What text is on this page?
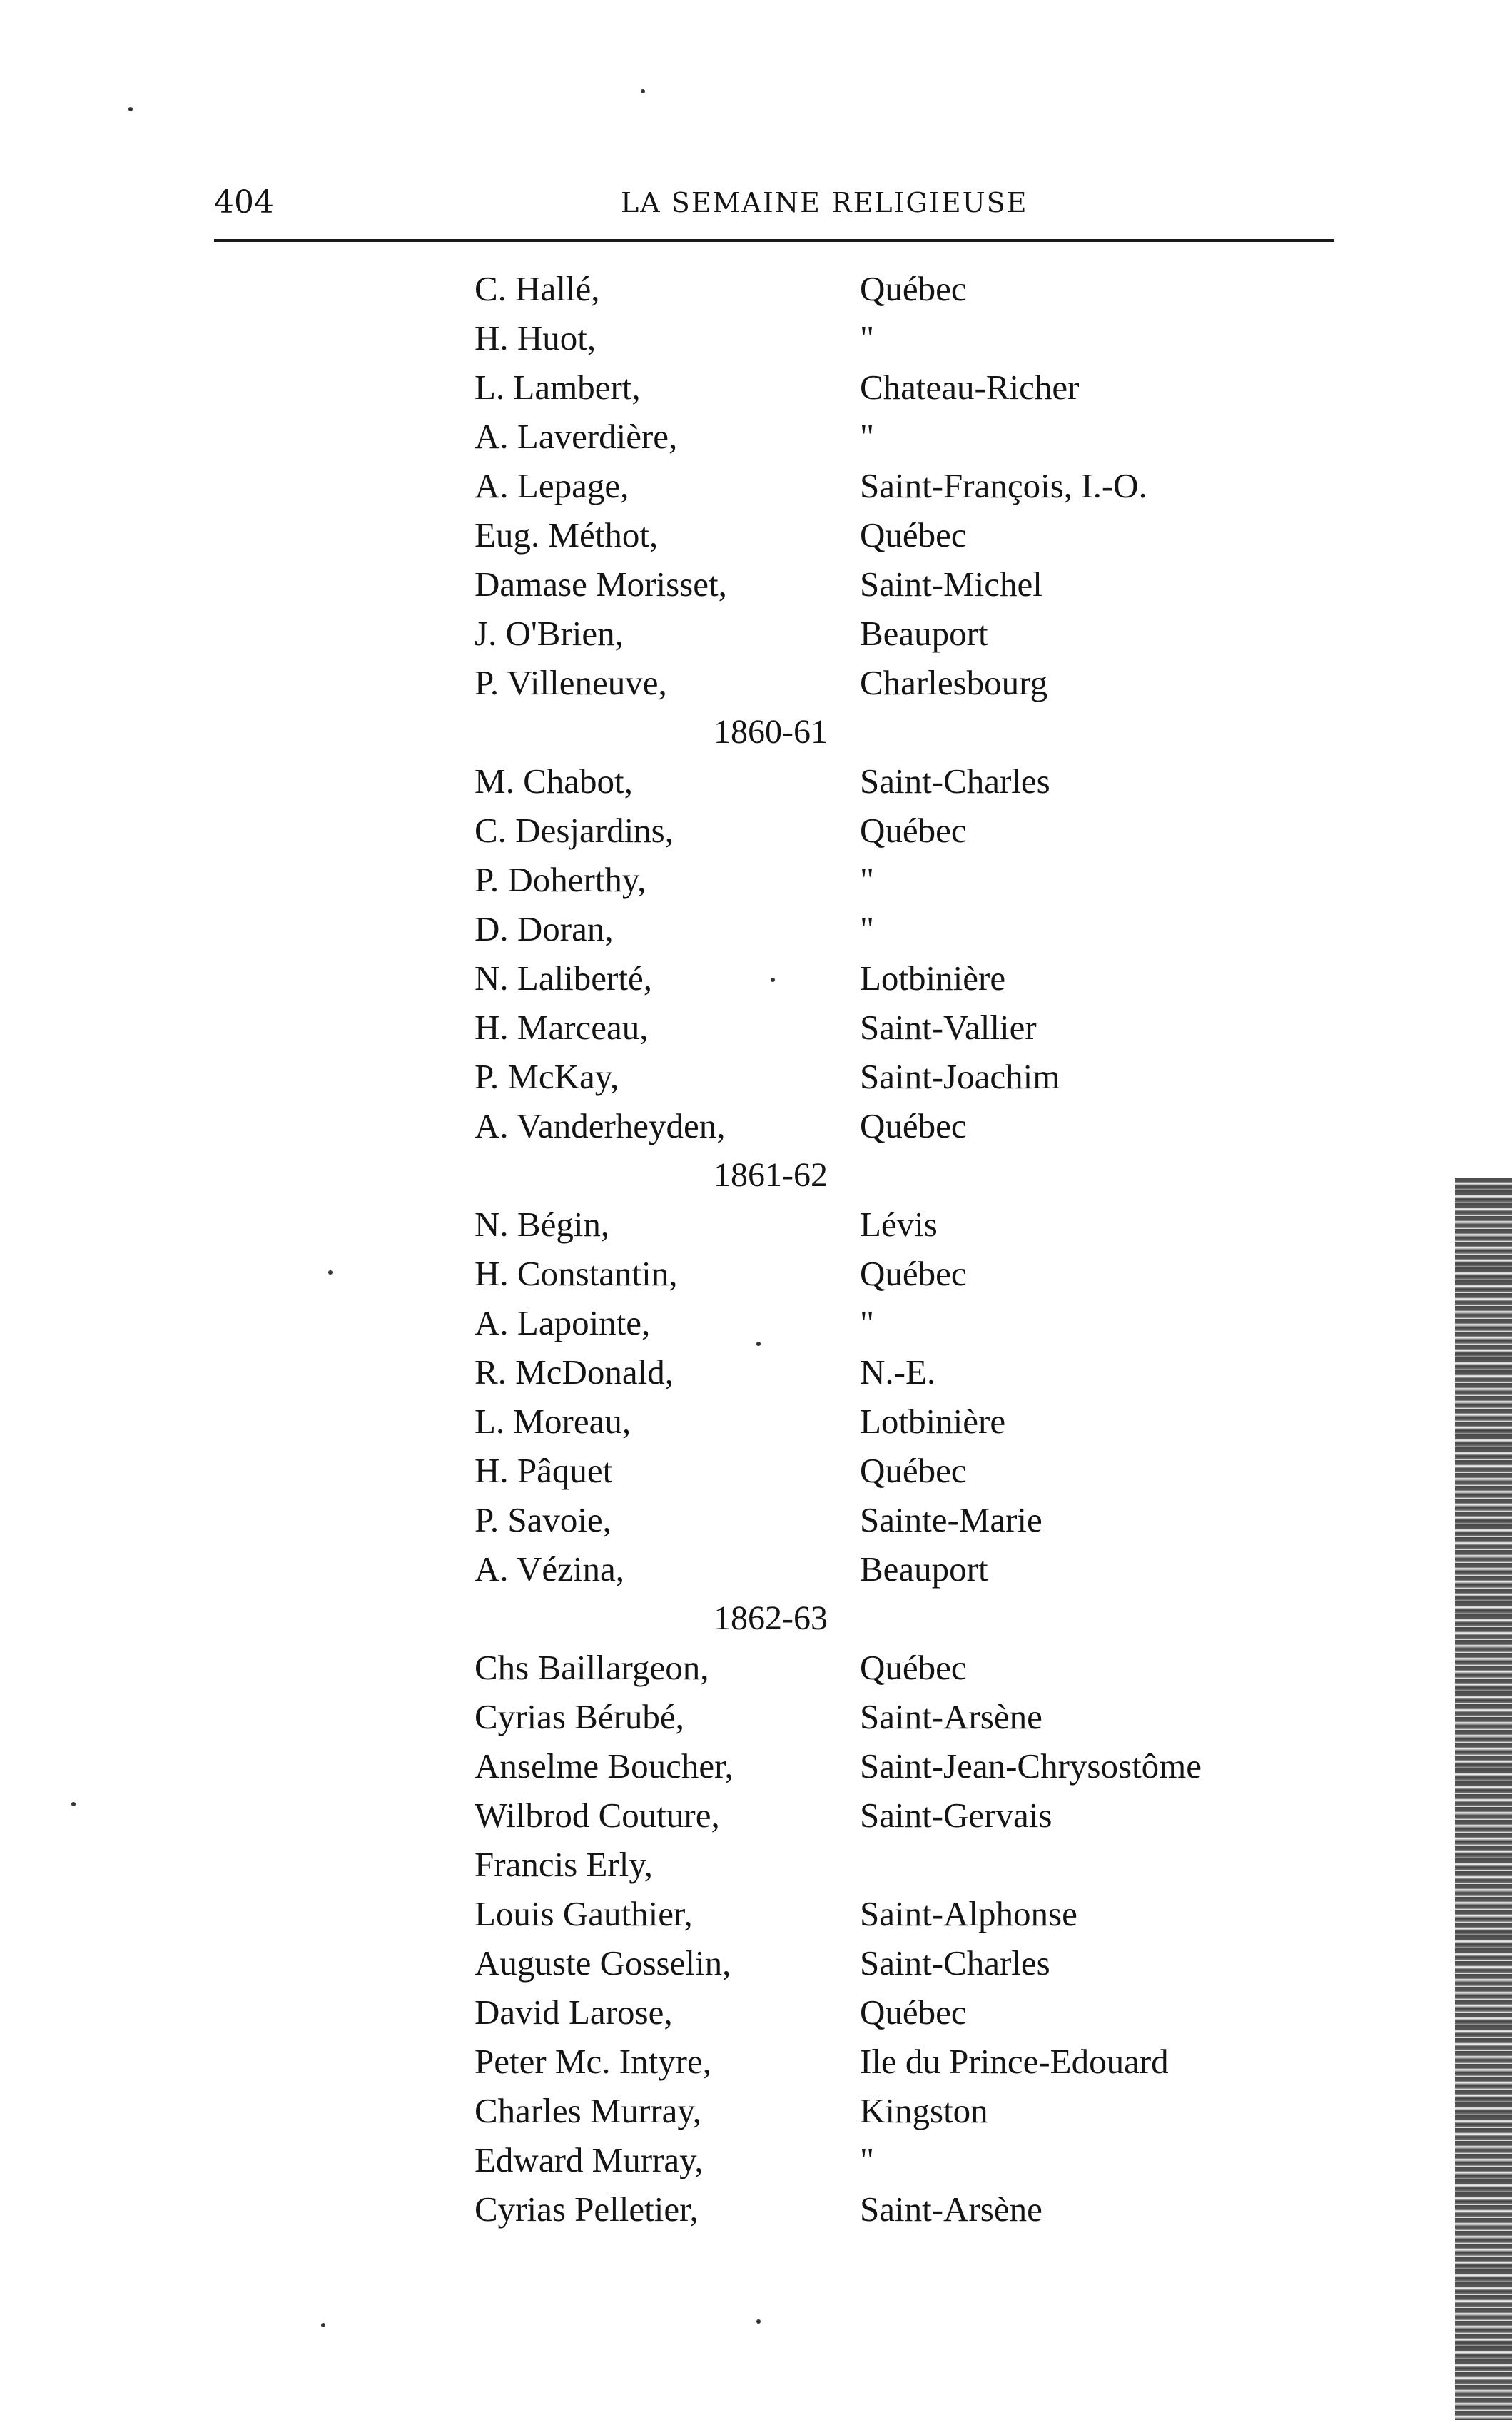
404	LA SEMAINE RELIGIEUSE
C. Hallé,	Québec
H. Huot,	"
L. Lambert,	Chateau-Richer
A. Laverdière,	"
A. Lepage,	Saint-François, I.-O.
Eug. Méthot,	Québec
Damase Morisset,	Saint-Michel
J. O'Brien,	Beauport
P. Villeneuve,	Charlesbourg
1860-61
M. Chabot,	Saint-Charles
C. Desjardins,	Québec
P. Doherthy,	"
D. Doran,	"
N. Laliberté,	Lotbinière
H. Marceau,	Saint-Vallier
P. McKay,	Saint-Joachim
A. Vanderheyden,	Québec
1861-62
N. Bégin,	Lévis
H. Constantin,	Québec
A. Lapointe,	"
R. McDonald,	N.-E.
L. Moreau,	Lotbinière
H. Pâquet	Québec
P. Savoie,	Sainte-Marie
A. Vézina,	Beauport
1862-63
Chs Baillargeon,	Québec
Cyrias Bérubé,	Saint-Arsène
Anselme Boucher,	Saint-Jean-Chrysostôme
Wilbrod Couture,	Saint-Gervais
Francis Erly,
Louis Gauthier,	Saint-Alphonse
Auguste Gosselin,	Saint-Charles
David Larose,	Québec
Peter Mc. Intyre,	Ile du Prince-Edouard
Charles Murray,	Kingston
Edward Murray,	"
Cyrias Pelletier,	Saint-Arsène
